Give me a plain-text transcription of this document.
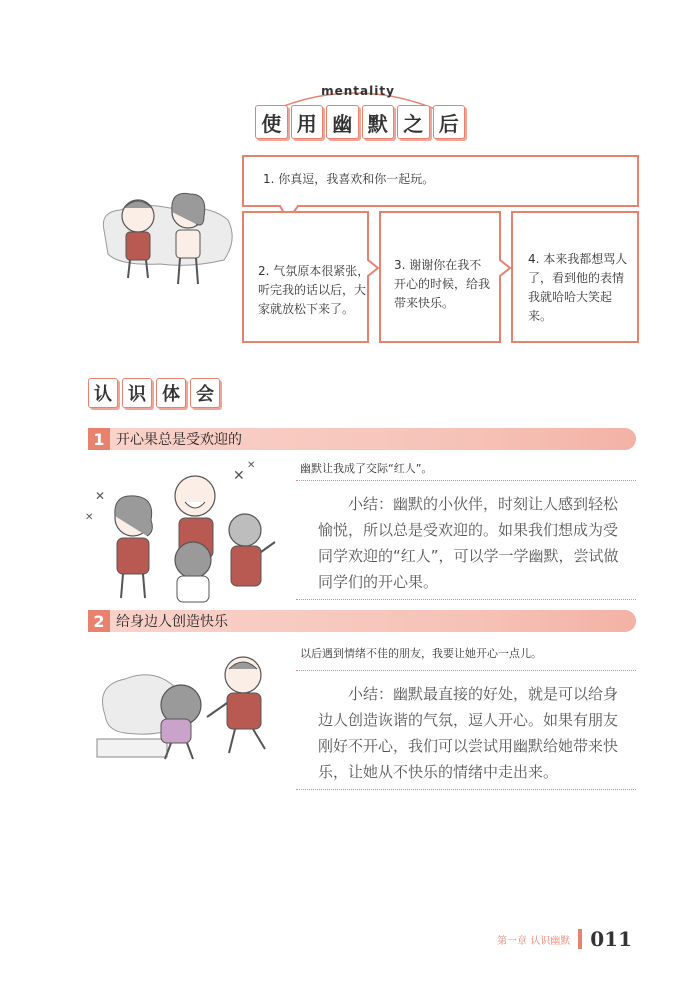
mentality
使 用 幽 默 之 后
1. 你真逗，我喜欢和你一起玩。
2. 气氛原本很紧张，听完我的话以后，大家就放松下来了。
3. 谢谢你在我不开心的时候，给我带来快乐。
4. 本来我都想骂人了，看到他的表情我就哈哈大笑起来。
认 识 体 会
1 开心果总是受欢迎的
幽默让我成了交际“红人”。
✕
✕
✕
✕
小结：幽默的小伙伴，时刻让人感到轻松愉悦，所以总是受欢迎的。如果我们想成为受同学欢迎的“红人”，可以学一学幽默，尝试做同学们的开心果。
2 给身边人创造快乐
以后遇到情绪不佳的朋友，我要让她开心一点儿。
小结：幽默最直接的好处，就是可以给身边人创造诙谐的气氛，逗人开心。如果有朋友刚好不开心，我们可以尝试用幽默给她带来快乐，让她从不快乐的情绪中走出来。
第一章 认识幽默 011
